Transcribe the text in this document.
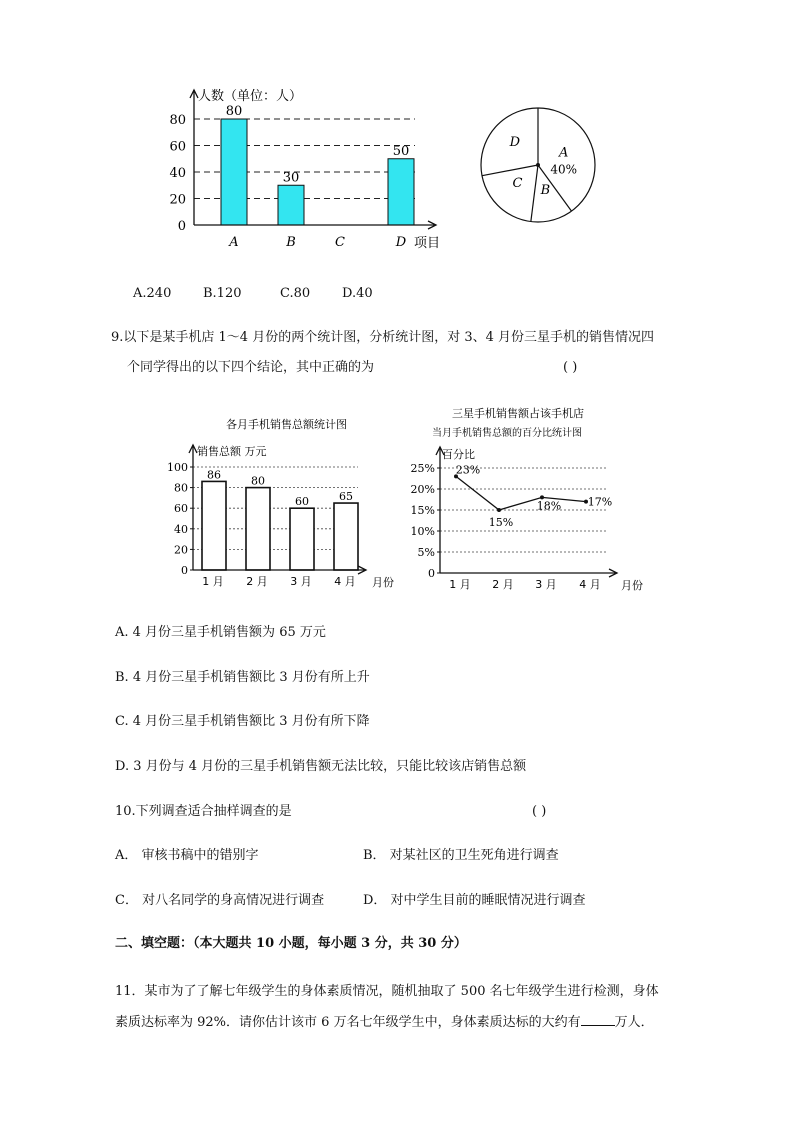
0
20
40
60
80
80
A
30
B	C
50
D
人数（单位：人）
项目
A
40%
B
C
D
A.240 B.120	C.80 D.40
9.以下是某手机店 1～4 月份的两个统计图，分析统计图，对 3、4 月份三星手机的销售情况四
个同学得出的以下四个结论，其中正确的为	( )
各月手机销售总额统计图
销售总额 万元
0
20
40
60
80
100
86
1 月
80
2 月
60
3 月
65
4 月 月份
三星手机销售额占该手机店
当月手机销售总额的百分比统计图
百分比
0
5%
10%
15%
20%
25% 23%
1 月
15%
2 月
18%
3 月
17%
4 月 月份
A. 4 月份三星手机销售额为 65 万元
B. 4 月份三星手机销售额比 3 月份有所上升
C. 4 月份三星手机销售额比 3 月份有所下降
D. 3 月份与 4 月份的三星手机销售额无法比较，只能比较该店销售总额
10.下列调查适合抽样调查的是	( )
A． 审核书稿中的错别字	B． 对某社区的卫生死角进行调查
C． 对八名同学的身高情况进行调查	D． 对中学生目前的睡眠情况进行调查
二、填空题：（本大题共 10 小题，每小题 3 分，共 30 分）
11．某市为了了解七年级学生的身体素质情况，随机抽取了 500 名七年级学生进行检测，身体
素质达标率为 92%．请你估计该市 6 万名七年级学生中，身体素质达标的大约有	万人．
